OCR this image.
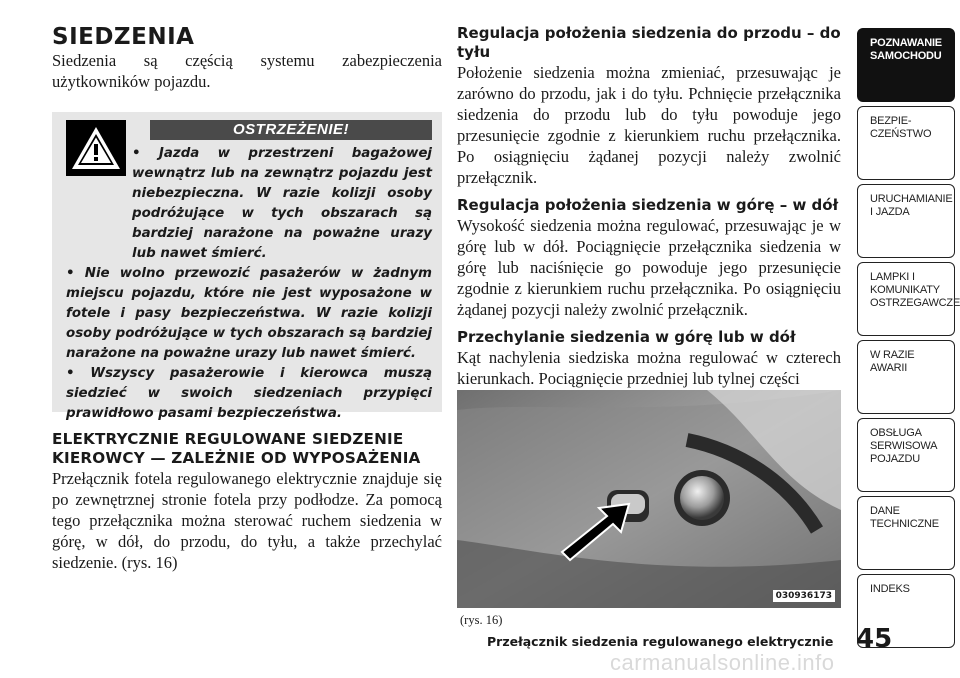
SIEDZENIA

Siedzenia są częścią systemu zabezpieczenia użytkowników pojazdu.

OSTRZEŻENIE!

• Jazda w przestrzeni bagażowej wewnątrz lub na zewnątrz pojazdu jest niebezpieczna. W razie kolizji osoby podróżujące w tych obszarach są bardziej narażone na poważne urazy lub nawet śmierć.

• Nie wolno przewozić pasażerów w żadnym miejscu pojazdu, które nie jest wyposażone w fotele i pasy bezpieczeństwa. W razie kolizji osoby podróżujące w tych obszarach są bardziej narażone na poważne urazy lub nawet śmierć.

• Wszyscy pasażerowie i kierowca muszą siedzieć w swoich siedzeniach przypięci prawidłowo pasami bezpieczeństwa.

ELEKTRYCZNIE REGULOWANE SIEDZENIE KIEROWCY — ZALEŻNIE OD WYPOSAŻENIA

Przełącznik fotela regulowanego elektrycznie znajduje się po zewnętrznej stronie fotela przy podłodze. Za pomocą tego przełącznika można sterować ruchem siedzenia w górę, w dół, do przodu, do tyłu, a także przechylać siedzenie. (rys. 16)

Regulacja położenia siedzenia do przodu – do tyłu

Położenie siedzenia można zmieniać, przesuwając je zarówno do przodu, jak i do tyłu. Pchnięcie przełącznika siedzenia do przodu lub do tyłu powoduje jego przesunięcie zgodnie z kierunkiem ruchu przełącznika. Po osiągnięciu żądanej pozycji należy zwolnić przełącznik.

Regulacja położenia siedzenia w górę – w dół

Wysokość siedzenia można regulować, przesuwając je w górę lub w dół. Pociągnięcie przełącznika siedzenia w górę lub naciśnięcie go powoduje jego przesunięcie zgodnie z kierunkiem ruchu przełącznika. Po osiągnięciu żądanej pozycji należy zwolnić przełącznik.

Przechylanie siedzenia w górę lub w dół

Kąt nachylenia siedziska można regulować w czterech kierunkach. Pociągnięcie przedniej lub tylnej części

030936173
(rys. 16)
Przełącznik siedzenia regulowanego elektrycznie 45
carmanualsonline.info
POZNAWANIE
SAMOCHODU
BEZPIE-
CZEŃSTWO
URUCHAMIANIE
I JAZDA
LAMPKI I
KOMUNIKATY
OSTRZEGAWCZE
W RAZIE
AWARII
OBSŁUGA
SERWISOWA
POJAZDU
DANE
TECHNICZNE
INDEKS
